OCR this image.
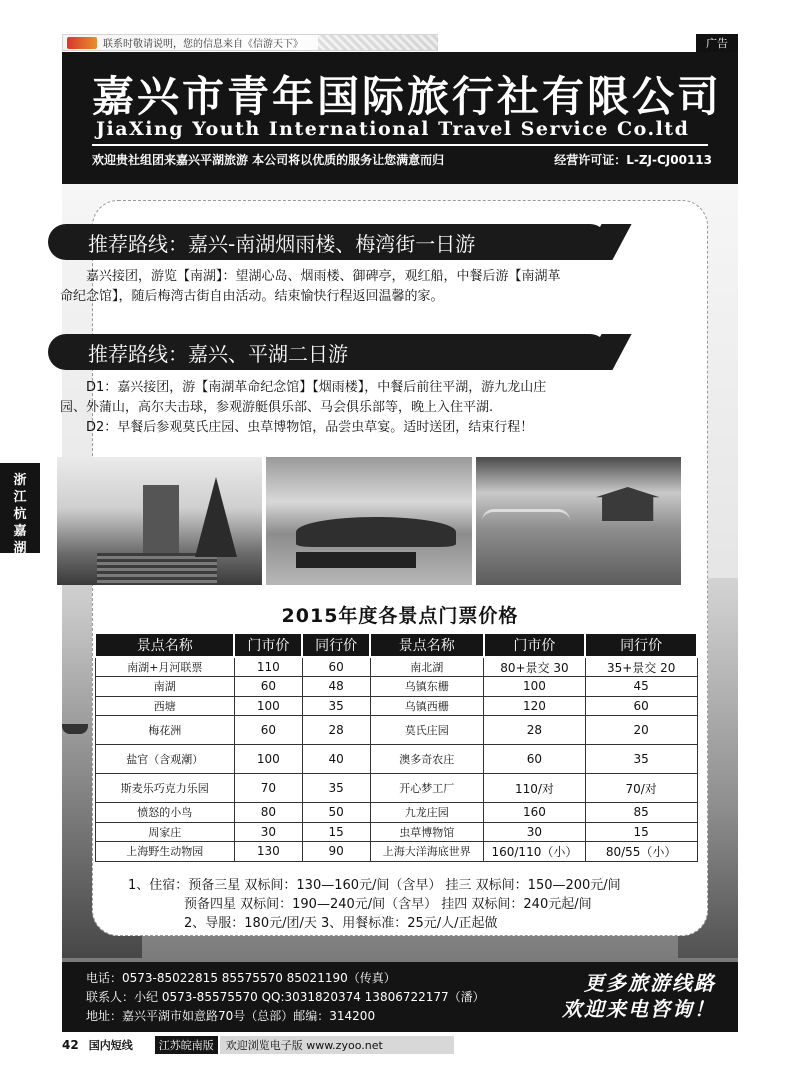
联系时敬请说明，您的信息来自《信游天下》	广告
嘉兴市青年国际旅行社有限公司
JiaXing Youth International Travel Service Co.ltd
欢迎贵社组团来嘉兴平湖旅游 本公司将以优质的服务让您满意而归	经营许可证：L-ZJ-CJ00113
浙
江
杭
嘉
湖
推荐路线：嘉兴-南湖烟雨楼、梅湾街一日游
嘉兴接团，游览【南湖】：望湖心岛、烟雨楼、御碑亭，观红船，中餐后游【南湖革
命纪念馆】，随后梅湾古街自由活动。结束愉快行程返回温馨的家。
推荐路线：嘉兴、平湖二日游
D1：嘉兴接团，游【南湖革命纪念馆】【烟雨楼】，中餐后前往平湖，游九龙山庄
园、外蒲山，高尔夫击球，参观游艇俱乐部、马会俱乐部等，晚上入住平湖.
D2：早餐后参观莫氏庄园、虫草博物馆，品尝虫草宴。适时送团，结束行程！
2015年度各景点门票价格
景点名称	门市价	同行价	景点名称	门市价	同行价
南湖+月河联票	110	60	南北湖	80+景交 30	35+景交 20
南湖	60	48	乌镇东栅	100	45
西塘	100	35	乌镇西栅	120	60
梅花洲	60	28	莫氏庄园	28	20
盐官（含观潮）	100	40	澳多奇农庄	60	35
斯麦乐巧克力乐园	70	35	开心梦工厂	110/对	70/对
愤怒的小鸟	80	50	九龙庄园	160	85
周家庄	30	15	虫草博物馆	30	15
上海野生动物园	130	90	上海大洋海底世界	160/110（小）	80/55（小）
1、住宿：预备三星 双标间：130—160元/间（含早） 挂三 双标间：150—200元/间
预备四星 双标间：190—240元/间（含早） 挂四 双标间：240元起/间
2、导服：180元/团/天 3、用餐标准：25元/人/正起做
电话：0573-85022815 85575570 85021190（传真）
联系人：小纪 0573-85575570 QQ:3031820374 13806722177（潘）
地址：嘉兴平湖市如意路70号（总部）邮编：314200
更多旅游线路
欢迎来电咨询！
42 国内短线	江苏皖南版	欢迎浏览电子版 www.zyoo.net
